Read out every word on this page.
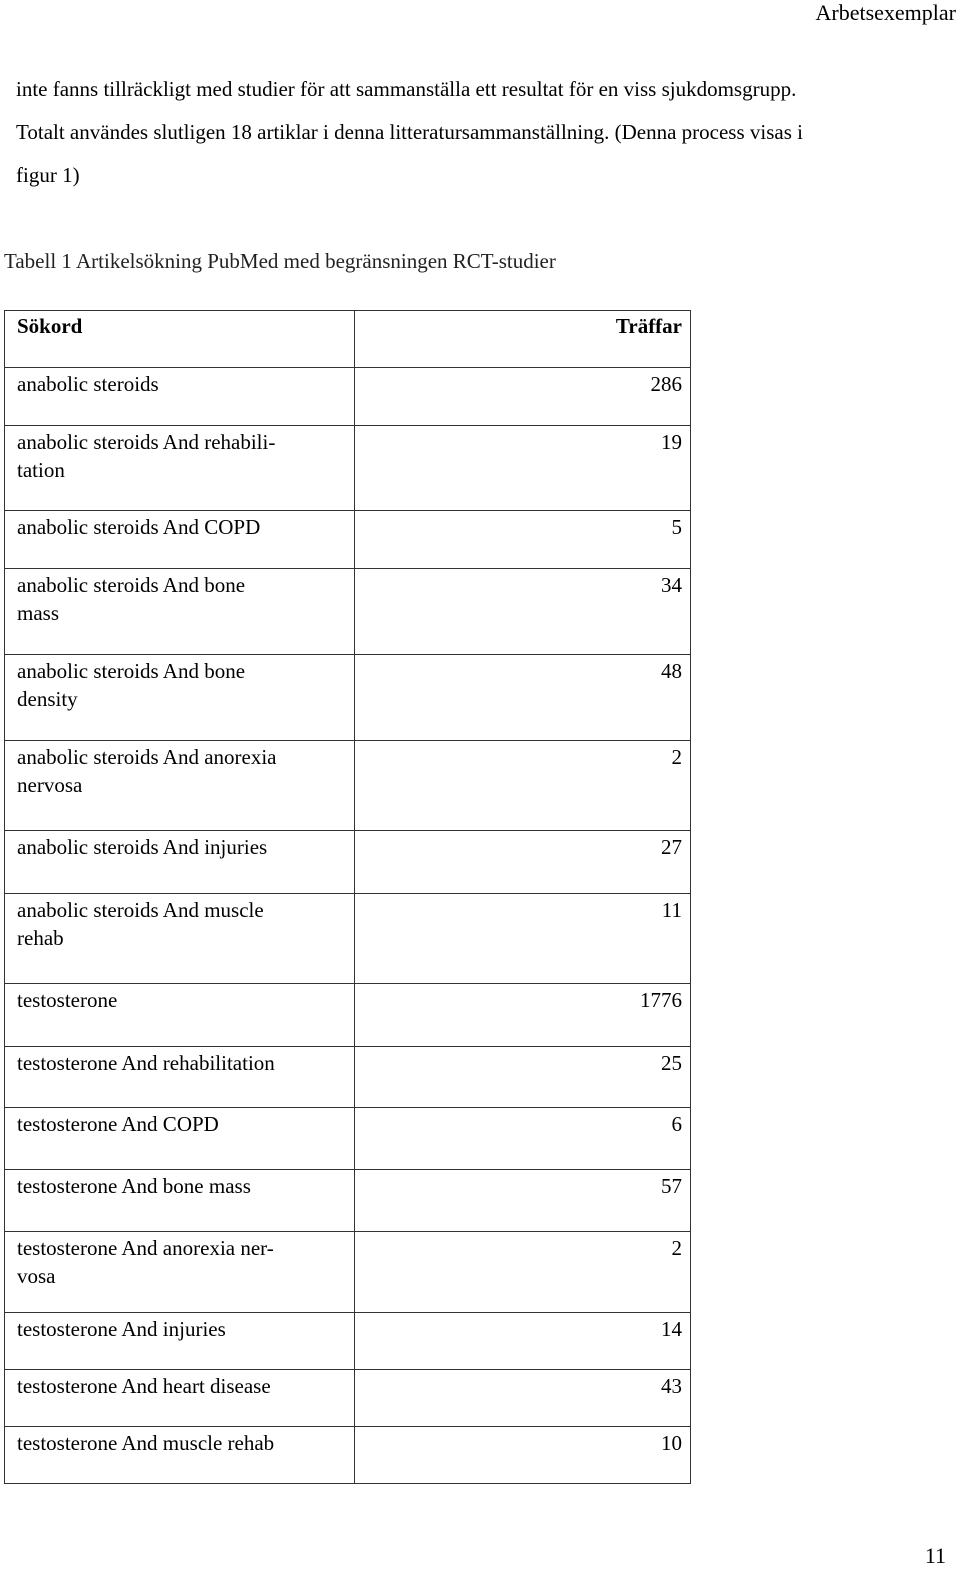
Arbetsexemplar
inte fanns tillräckligt med studier för att sammanställa ett resultat för en viss sjukdomsgrupp.
Totalt användes slutligen 18 artiklar i denna litteratursammanställning. (Denna process visas i
figur 1)
Tabell 1 Artikelsökning PubMed med begränsningen RCT-studier
Sökord	Träffar
anabolic steroids	286
anabolic steroids And rehabili-
tation	19
anabolic steroids And COPD	5
anabolic steroids And bone
mass	34
anabolic steroids And bone
density	48
anabolic steroids And anorexia
nervosa	2
anabolic steroids And injuries	27
anabolic steroids And muscle
rehab	11
testosterone	1776
testosterone And rehabilitation	25
testosterone And COPD	6
testosterone And bone mass	57
testosterone And anorexia ner-
vosa	2
testosterone And injuries	14
testosterone And heart disease	43
testosterone And muscle rehab	10
11
